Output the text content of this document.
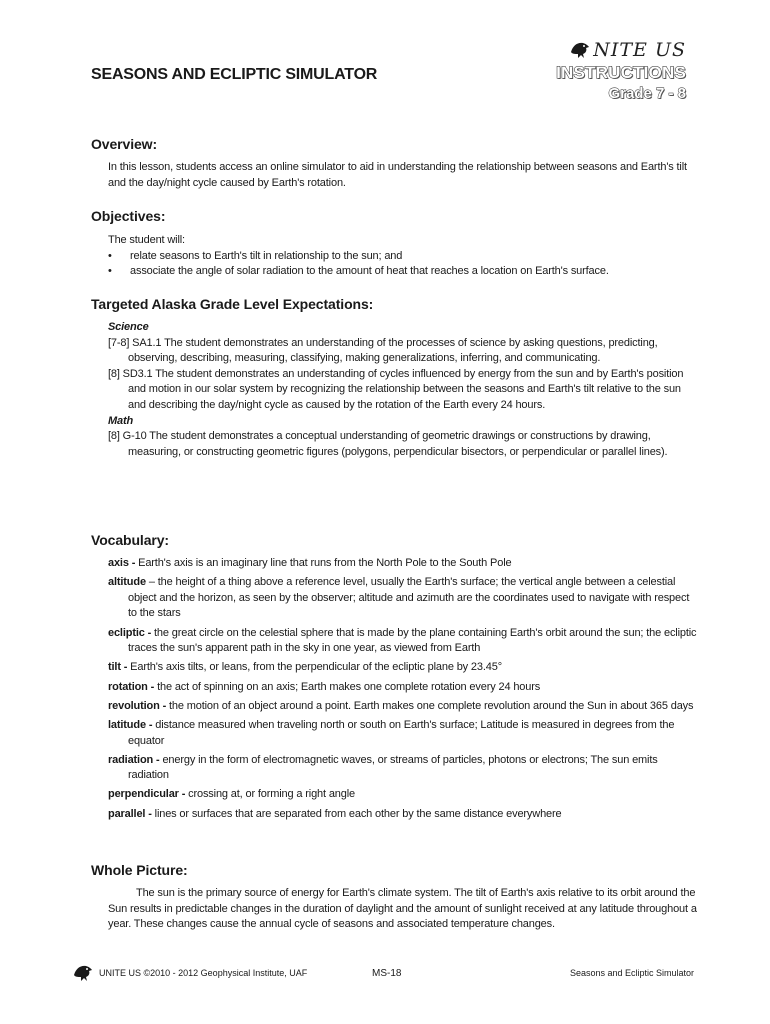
SEASONS AND ECLIPTIC SIMULATOR
NITE US
INSTRUCTIONS
Grade 7 - 8
Overview:

In this lesson, students access an online simulator to aid in understanding the relationship between seasons and Earth's tilt and the day/night cycle caused by Earth's rotation.

Objectives:

The student will:

•	relate seasons to Earth's tilt in relationship to the sun; and
•	associate the angle of solar radiation to the amount of heat that reaches a location on Earth's surface.
Targeted Alaska Grade Level Expectations:

Science

[7-8] SA1.1 The student demonstrates an understanding of the processes of science by asking questions, predicting, observing, describing, measuring, classifying, making generalizations, inferring, and communicating.

[8] SD3.1 The student demonstrates an understanding of cycles influenced by energy from the sun and by Earth's position and motion in our solar system by recognizing the relationship between the seasons and Earth's tilt relative to the sun and describing the day/night cycle as caused by the rotation of the Earth every 24 hours.

Math

[8] G-10 The student demonstrates a conceptual understanding of geometric drawings or constructions by drawing, measuring, or constructing geometric figures (polygons, perpendicular bisectors, or perpendicular or parallel lines).

Vocabulary:

axis - Earth's axis is an imaginary line that runs from the North Pole to the South Pole

altitude – the height of a thing above a reference level, usually the Earth's surface; the vertical angle between a celestial object and the horizon, as seen by the observer; altitude and azimuth are the coordinates used to navigate with respect to the stars

ecliptic - the great circle on the celestial sphere that is made by the plane containing Earth's orbit around the sun; the ecliptic traces the sun's apparent path in the sky in one year, as viewed from Earth

tilt - Earth's axis tilts, or leans, from the perpendicular of the ecliptic plane by 23.45°

rotation - the act of spinning on an axis; Earth makes one complete rotation every 24 hours

revolution - the motion of an object around a point. Earth makes one complete revolution around the Sun in about 365 days

latitude - distance measured when traveling north or south on Earth's surface; Latitude is measured in degrees from the equator

radiation - energy in the form of electromagnetic waves, or streams of particles, photons or electrons; The sun emits radiation

perpendicular - crossing at, or forming a right angle

parallel - lines or surfaces that are separated from each other by the same distance everywhere

Whole Picture:

The sun is the primary source of energy for Earth's climate system. The tilt of Earth's axis relative to its orbit around the Sun results in predictable changes in the duration of daylight and the amount of sunlight received at any latitude throughout a year. These changes cause the annual cycle of seasons and associated temperature changes.

UNITE US ©2010 - 2012 Geophysical Institute, UAF	MS-18	Seasons and Ecliptic Simulator
